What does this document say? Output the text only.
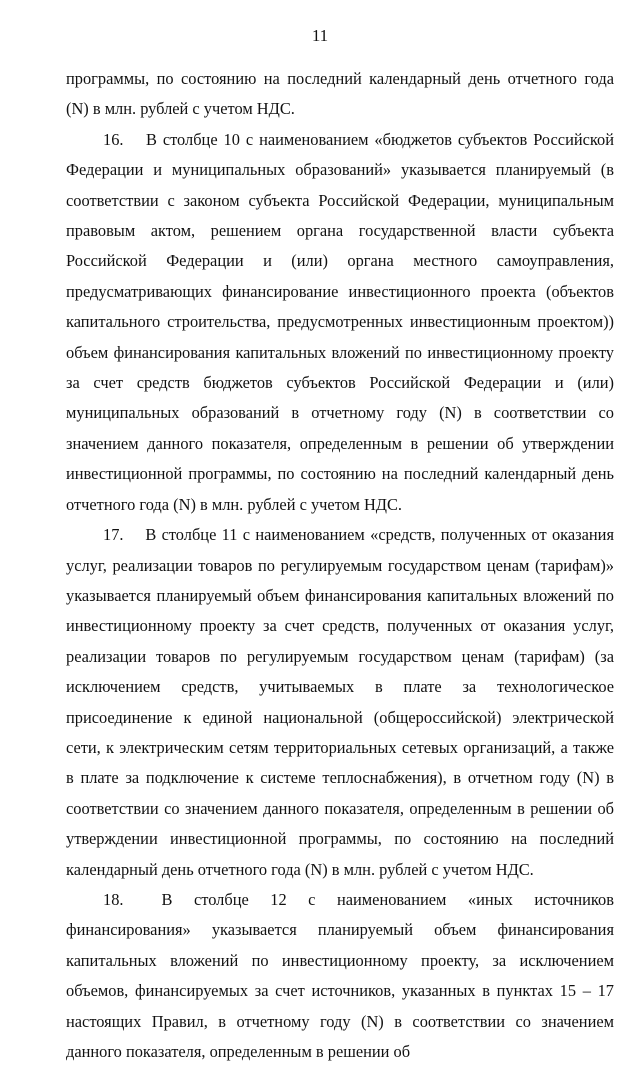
11

программы, по состоянию на последний календарный день отчетного года (N) в млн. рублей с учетом НДС.

16. В столбце 10 с наименованием «бюджетов субъектов Российской Федерации и муниципальных образований» указывается планируемый (в соответствии с законом субъекта Российской Федерации, муниципальным правовым актом, решением органа государственной власти субъекта Российской Федерации и (или) органа местного самоуправления, предусматривающих финансирование инвестиционного проекта (объектов капитального строительства, предусмотренных инвестиционным проектом)) объем финансирования капитальных вложений по инвестиционному проекту за счет средств бюджетов субъектов Российской Федерации и (или) муниципальных образований в отчетному году (N) в соответствии со значением данного показателя, определенным в решении об утверждении инвестиционной программы, по состоянию на последний календарный день отчетного года (N) в млн. рублей с учетом НДС.

17. В столбце 11 с наименованием «средств, полученных от оказания услуг, реализации товаров по регулируемым государством ценам (тарифам)» указывается планируемый объем финансирования капитальных вложений по инвестиционному проекту за счет средств, полученных от оказания услуг, реализации товаров по регулируемым государством ценам (тарифам) (за исключением средств, учитываемых в плате за технологическое присоединение к единой национальной (общероссийской) электрической сети, к электрическим сетям территориальных сетевых организаций, а также в плате за подключение к системе теплоснабжения), в отчетном году (N) в соответствии со значением данного показателя, определенным в решении об утверждении инвестиционной программы, по состоянию на последний календарный день отчетного года (N) в млн. рублей с учетом НДС.

18. В столбце 12 с наименованием «иных источников финансирования» указывается планируемый объем финансирования капитальных вложений по инвестиционному проекту, за исключением объемов, финансируемых за счет источников, указанных в пунктах 15 – 17 настоящих Правил, в отчетному году (N) в соответствии со значением данного показателя, определенным в решении об
